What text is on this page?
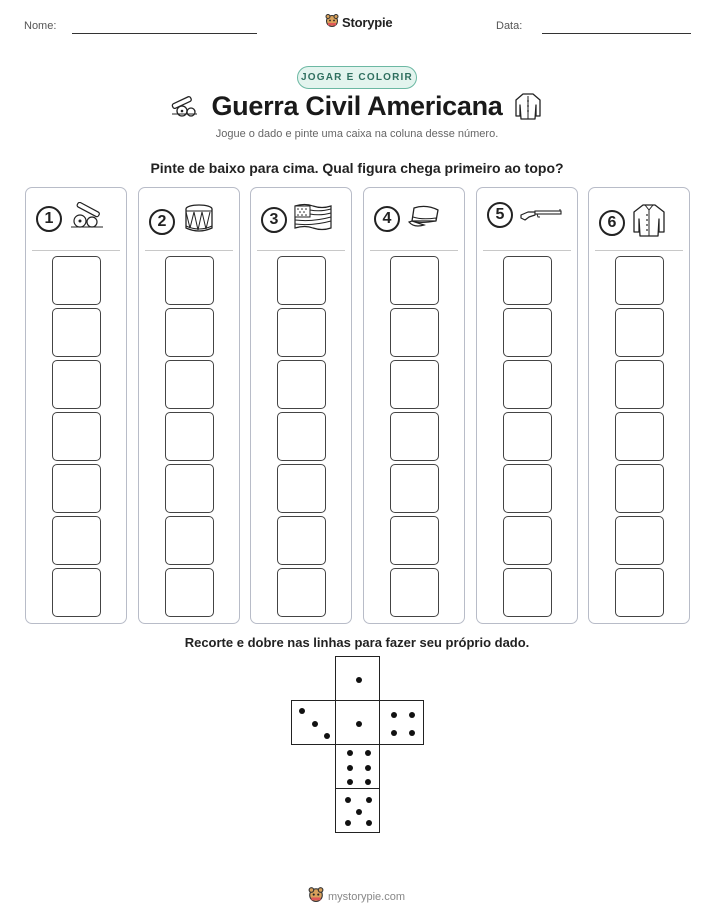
Nome:	Storypie	Data:
JOGAR E COLORIR
Guerra Civil Americana
Jogue o dado e pinte uma caixa na coluna desse número.
Pinte de baixo para cima. Qual figura chega primeiro ao topo?
1	2	3	4	5	6
Recorte e dobre nas linhas para fazer seu próprio dado.
mystorypie.com
